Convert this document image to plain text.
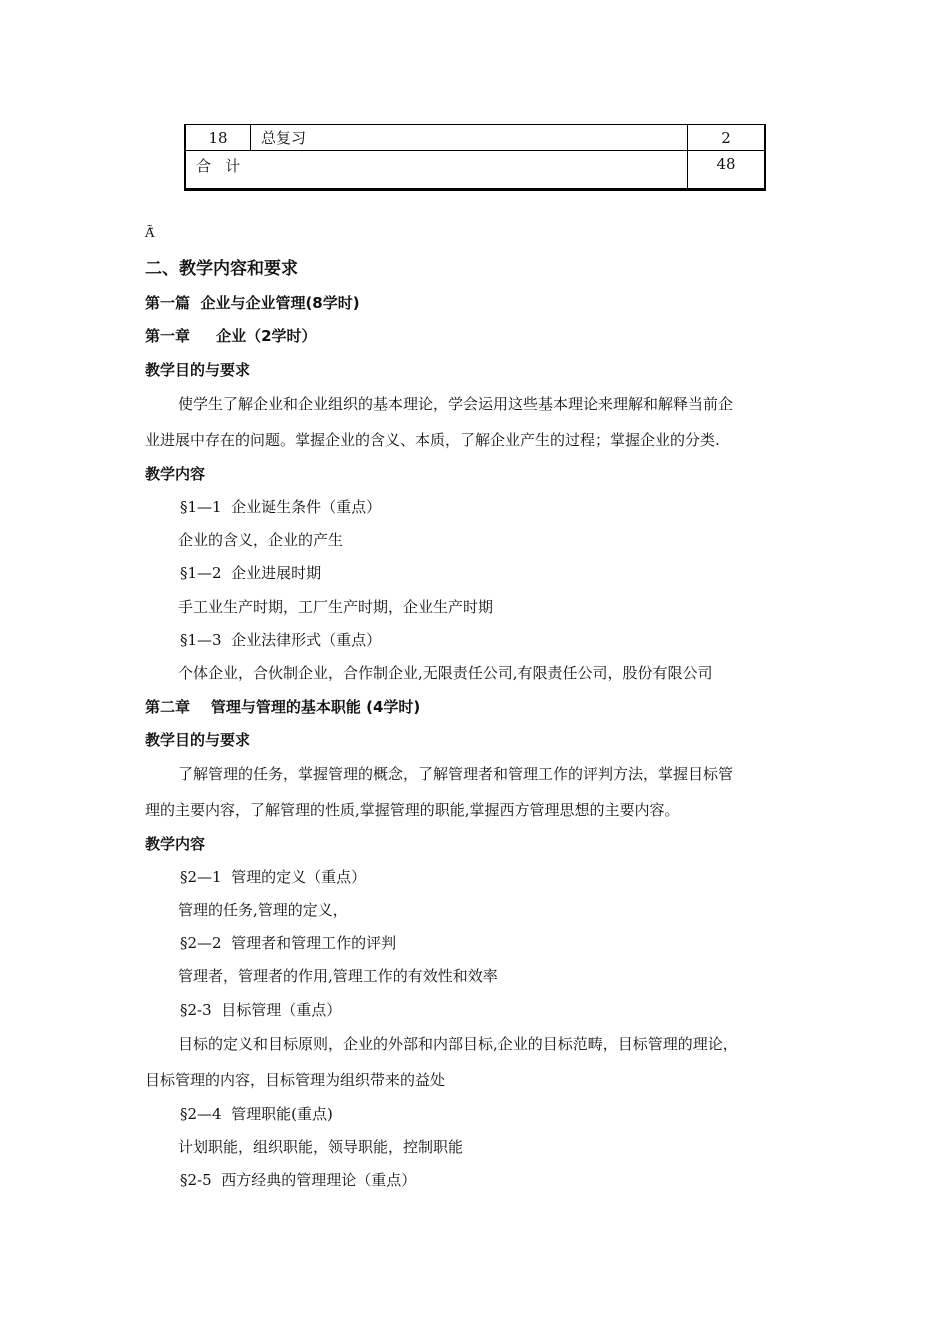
18	总复习	2
合   计		48
Ã̃
二、教学内容和要求
第一篇  企业与企业管理(8学时)
第一章     企业（2学时）
教学目的与要求
使学生了解企业和企业组织的基本理论，学会运用这些基本理论来理解和解释当前企
业进展中存在的问题。掌握企业的含义、本质，了解企业产生的过程；掌握企业的分类.
教学内容
§1—1  企业诞生条件（重点）
企业的含义，企业的产生
§1—2  企业进展时期
手工业生产时期，工厂生产时期，企业生产时期
§1—3  企业法律形式（重点）
个体企业，合伙制企业，合作制企业,无限责任公司,有限责任公司，股份有限公司
第二章    管理与管理的基本职能 (4学时)
教学目的与要求
了解管理的任务，掌握管理的概念，了解管理者和管理工作的评判方法，掌握目标管
理的主要内容，了解管理的性质,掌握管理的职能,掌握西方管理思想的主要内容。
教学内容
§2—1  管理的定义（重点）
管理的任务,管理的定义，
§2—2  管理者和管理工作的评判
管理者，管理者的作用,管理工作的有效性和效率
§2-3  目标管理（重点）
目标的定义和目标原则，企业的外部和内部目标,企业的目标范畴，目标管理的理论，
目标管理的内容，目标管理为组织带来的益处
§2—4  管理职能(重点)
计划职能，组织职能，领导职能，控制职能
§2-5  西方经典的管理理论（重点）
